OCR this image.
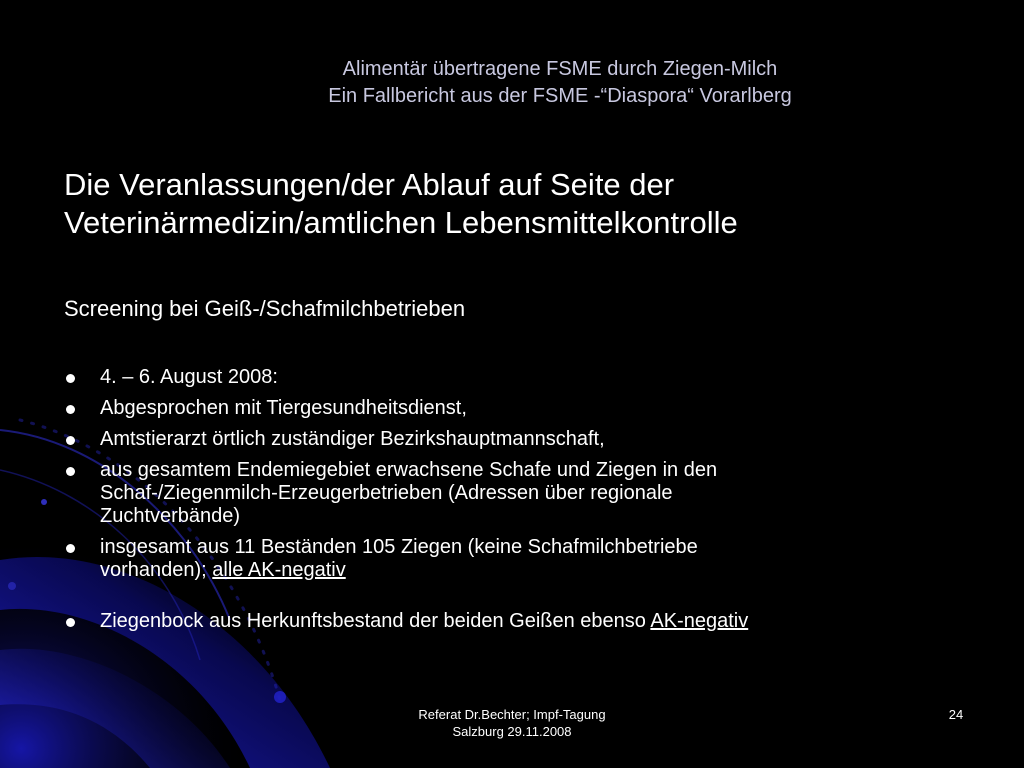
Alimentär übertragene FSME durch Ziegen-Milch
Ein Fallbericht aus der FSME -“Diaspora“ Vorarlberg
Die Veranlassungen/der Ablauf auf Seite der
Veterinärmedizin/amtlichen Lebensmittelkontrolle
Screening bei Geiß-/Schafmilchbetrieben
4. – 6. August 2008:
Abgesprochen mit Tiergesundheitsdienst,
Amtstierarzt örtlich zuständiger Bezirkshauptmannschaft,
aus gesamtem Endemiegebiet erwachsene Schafe und Ziegen in den
Schaf-/Ziegenmilch-Erzeugerbetrieben (Adressen über regionale
Zuchtverbände)
insgesamt aus 11 Beständen 105 Ziegen (keine Schafmilchbetriebe
vorhanden); alle AK-negativ
Ziegenbock aus Herkunftsbestand der beiden Geißen ebenso AK-negativ
Referat Dr.Bechter; Impf-Tagung
Salzburg 29.11.2008
24
